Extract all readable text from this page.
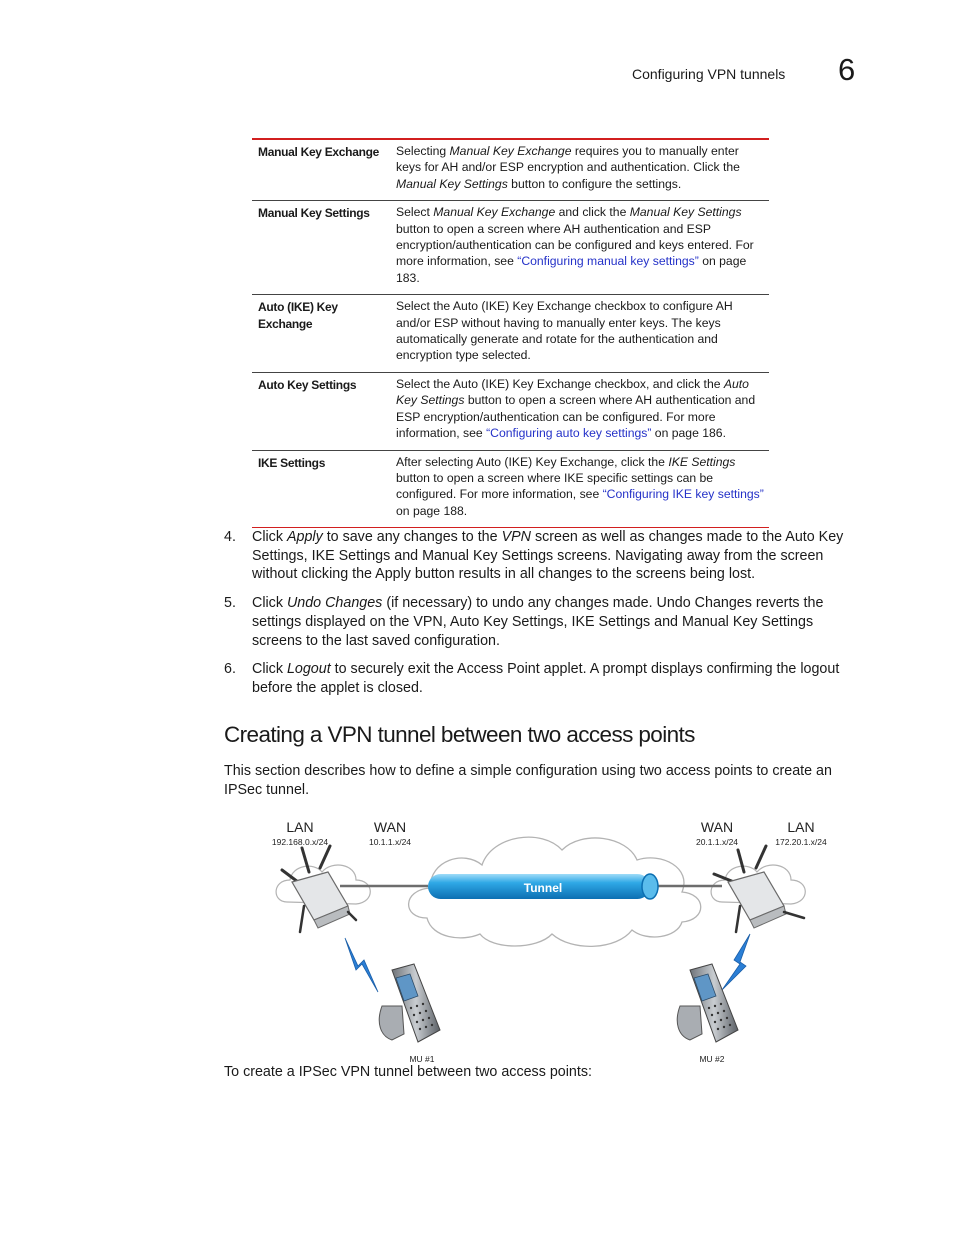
Configuring VPN tunnels 6
Manual Key Exchange	Selecting Manual Key Exchange requires you to manually enter keys for AH and/or ESP encryption and authentication. Click the Manual Key Settings button to configure the settings.
Manual Key Settings	Select Manual Key Exchange and click the Manual Key Settings button to open a screen where AH authentication and ESP encryption/authentication can be configured and keys entered. For more information, see “Configuring manual key settings” on page 183.
Auto (IKE) Key Exchange	Select the Auto (IKE) Key Exchange checkbox to configure AH and/or ESP without having to manually enter keys. The keys automatically generate and rotate for the authentication and encryption type selected.
Auto Key Settings	Select the Auto (IKE) Key Exchange checkbox, and click the Auto Key Settings button to open a screen where AH authentication and ESP encryption/authentication can be configured. For more information, see “Configuring auto key settings” on page 186.
IKE Settings	After selecting Auto (IKE) Key Exchange, click the IKE Settings button to open a screen where IKE specific settings can be configured. For more information, see “Configuring IKE key settings” on page 188.
4. Click Apply to save any changes to the VPN screen as well as changes made to the Auto Key Settings, IKE Settings and Manual Key Settings screens. Navigating away from the screen without clicking the Apply button results in all changes to the screens being lost.
5. Click Undo Changes (if necessary) to undo any changes made. Undo Changes reverts the settings displayed on the VPN, Auto Key Settings, IKE Settings and Manual Key Settings screens to the last saved configuration.
6. Click Logout to securely exit the Access Point applet. A prompt displays confirming the logout before the applet is closed.
Creating a VPN tunnel between two access points
This section describes how to define a simple configuration using two access points to create an IPSec tunnel.
LAN
192.168.0.x/24
WAN
10.1.1.x/24
WAN
20.1.1.x/24
LAN
172.20.1.x/24
Tunnel
MU #1	MU #2
To create a IPSec VPN tunnel between two access points:
